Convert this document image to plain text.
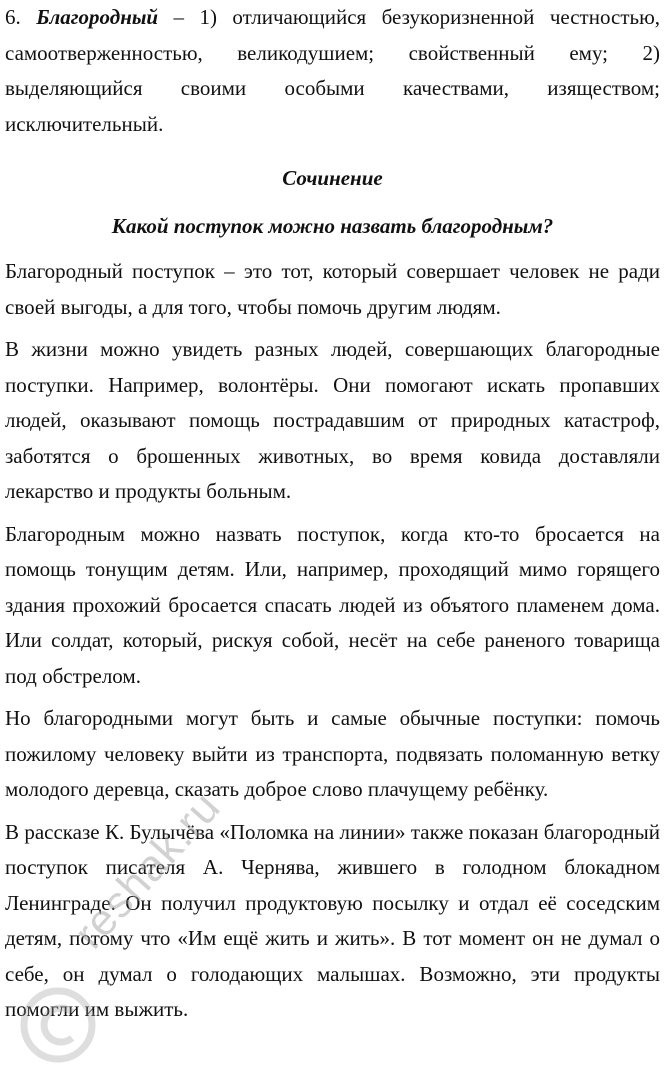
6. Благородный – 1) отличающийся безукоризненной честностью, самоотверженностью, великодушием; свойственный ему; 2) выделяющийся своими особыми качествами, изяществом; исключительный.

Сочинение

Какой поступок можно назвать благородным?

Благородный поступок – это тот, который совершает человек не ради своей выгоды, а для того, чтобы помочь другим людям.

В жизни можно увидеть разных людей, совершающих благородные поступки. Например, волонтёры. Они помогают искать пропавших людей, оказывают помощь пострадавшим от природных катастроф, заботятся о брошенных животных, во время ковида доставляли лекарство и продукты больным.

Благородным можно назвать поступок, когда кто-то бросается на помощь тонущим детям. Или, например, проходящий мимо горящего здания прохожий бросается спасать людей из объятого пламенем дома. Или солдат, который, рискуя собой, несёт на себе раненого товарища под обстрелом.

Но благородными могут быть и самые обычные поступки: помочь пожилому человеку выйти из транспорта, подвязать поломанную ветку молодого деревца, сказать доброе слово плачущему ребёнку.

В рассказе К. Булычёва «Поломка на линии» также показан благородный поступок писателя А. Чернява, жившего в голодном блокадном Ленинграде. Он получил продуктовую посылку и отдал её соседским детям, потому что «Им ещё жить и жить». В тот момент он не думал о себе, он думал о голодающих малышах. Возможно, эти продукты помогли им выжить.

reshak.ru
